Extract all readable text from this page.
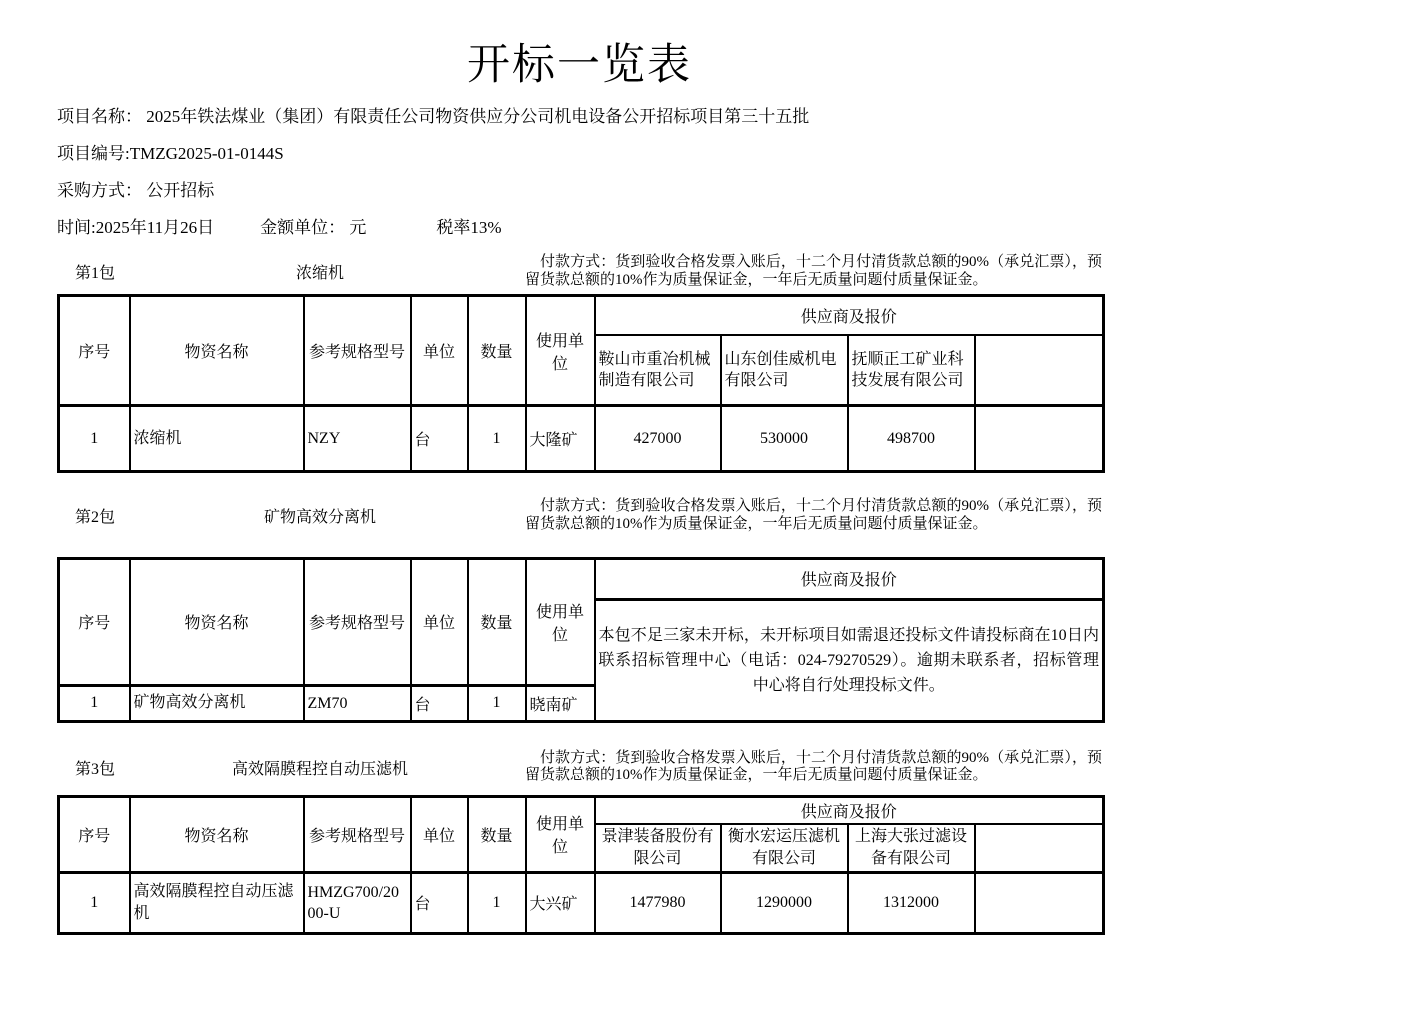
开标一览表
项目名称： 2025年铁法煤业（集团）有限责任公司物资供应分公司机电设备公开招标项目第三十五批
项目编号:TMZG2025-01-0144S
采购方式： 公开招标
时间:2025年11月26日	金额单位： 元	税率13%
第1包	浓缩机
付款方式：货到验收合格发票入账后，十二个月付清货款总额的90%（承兑汇票），预留货款总额的10%作为质量保证金，一年后无质量问题付质量保证金。
序号	物资名称	参考规格型号	单位	数量	使用单位	供应商及报价			
						鞍山市重冶机械制造有限公司	山东创佳威机电有限公司	抚顺正工矿业科技发展有限公司	
1	浓缩机	NZY	台	1	大隆矿	427000	530000	498700	
第2包	矿物高效分离机
付款方式：货到验收合格发票入账后，十二个月付清货款总额的90%（承兑汇票），预留货款总额的10%作为质量保证金，一年后无质量问题付质量保证金。
序号	物资名称	参考规格型号	单位	数量	使用单位	供应商及报价
						本包不足三家未开标，未开标项目如需退还投标文件请投标商在10日内联系招标管理中心（电话：024-79270529）。逾期未联系者，招标管理中心将自行处理投标文件。
1	矿物高效分离机	ZM70	台	1	晓南矿	
第3包	高效隔膜程控自动压滤机
付款方式：货到验收合格发票入账后，十二个月付清货款总额的90%（承兑汇票），预留货款总额的10%作为质量保证金，一年后无质量问题付质量保证金。
序号	物资名称	参考规格型号	单位	数量	使用单位	供应商及报价			
						景津装备股份有限公司	衡水宏运压滤机有限公司	上海大张过滤设备有限公司	
1	高效隔膜程控自动压滤机	HMZG700/2000-U	台	1	大兴矿	1477980	1290000	1312000	
